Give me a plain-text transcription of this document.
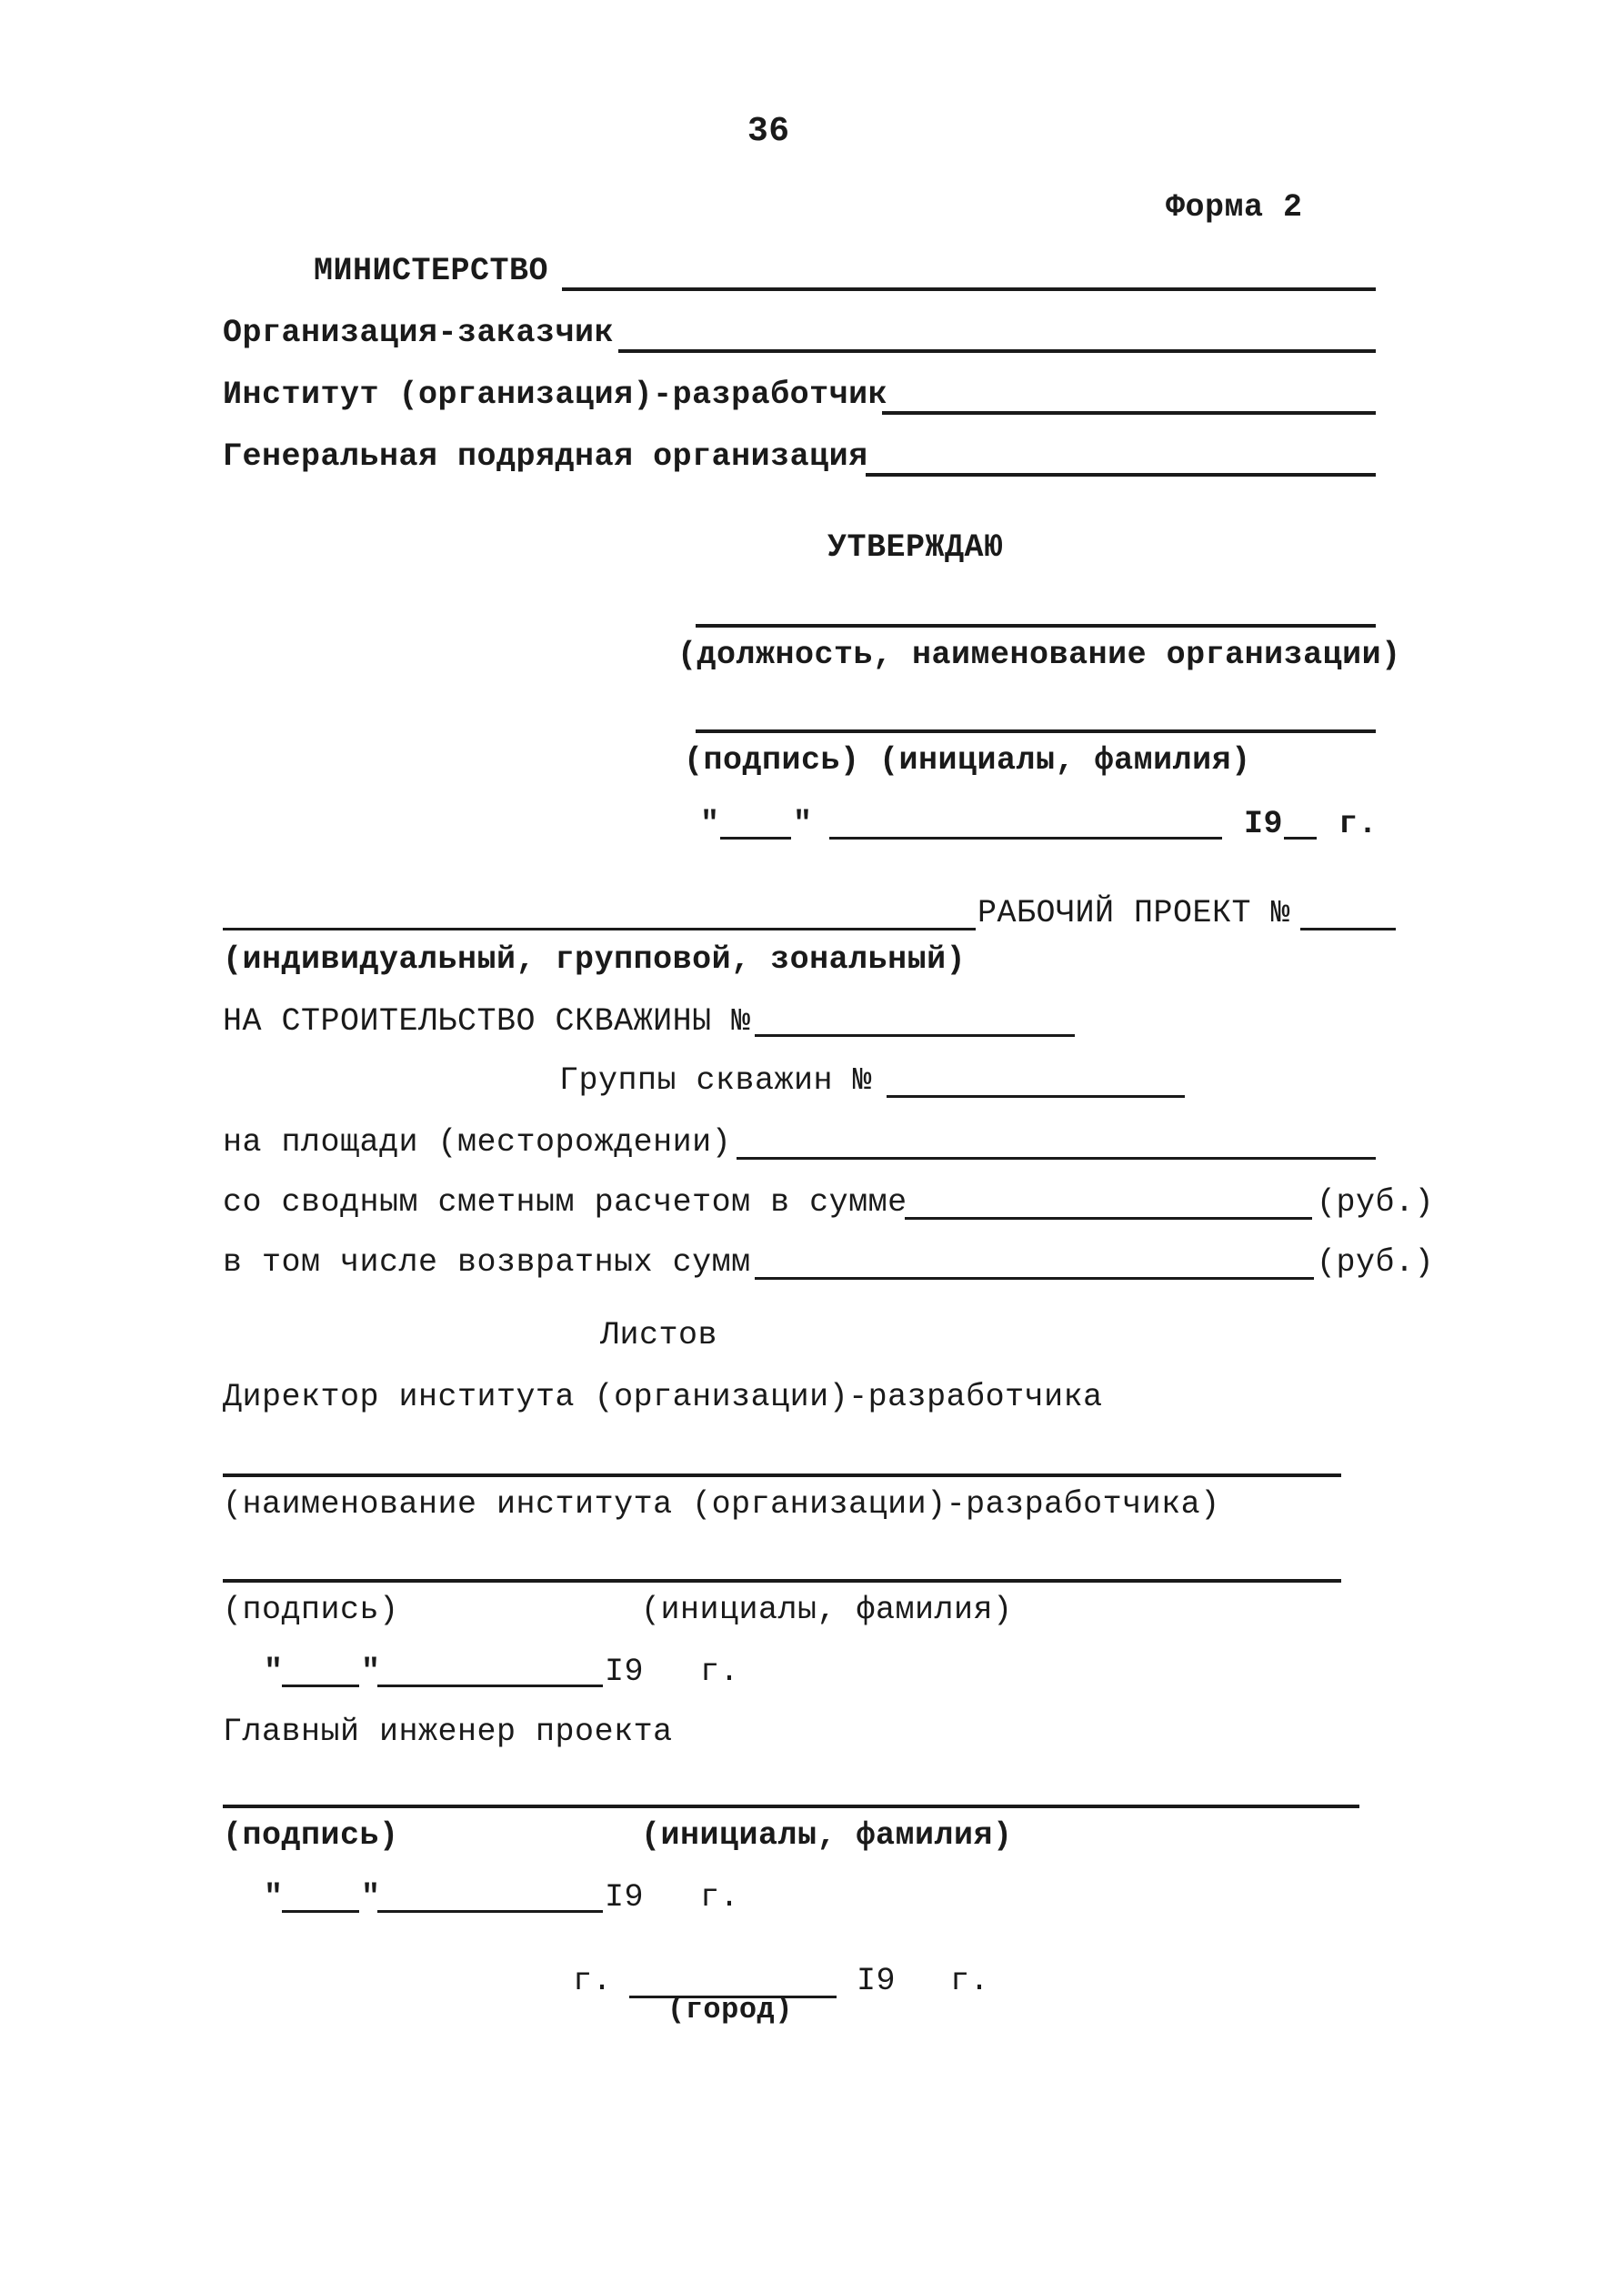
36
Форма 2
МИНИСТЕРСТВО
Организация-заказчик
Институт (организация)-разработчик
Генеральная подрядная организация
УТВЕРЖДАЮ
(должность, наименование организации)
(подпись) (инициалы, фамилия)
" "	I9 г.
РАБОЧИЙ ПРОЕКТ №
(индивидуальный, групповой, зональный)
НА СТРОИТЕЛЬСТВО СКВАЖИНЫ №
Группы скважин №
на площади (месторождении)
со сводным сметным расчетом в сумме	(руб.)
в том числе возвратных сумм	(руб.)
Листов
Директор института (организации)-разработчика
(наименование института (организации)-разработчика)
(подпись)	(инициалы, фамилия)
" "	I9 г.
Главный инженер проекта
(подпись)	(инициалы, фамилия)
" "	I9 г.
г.
(город)
I9 г.
